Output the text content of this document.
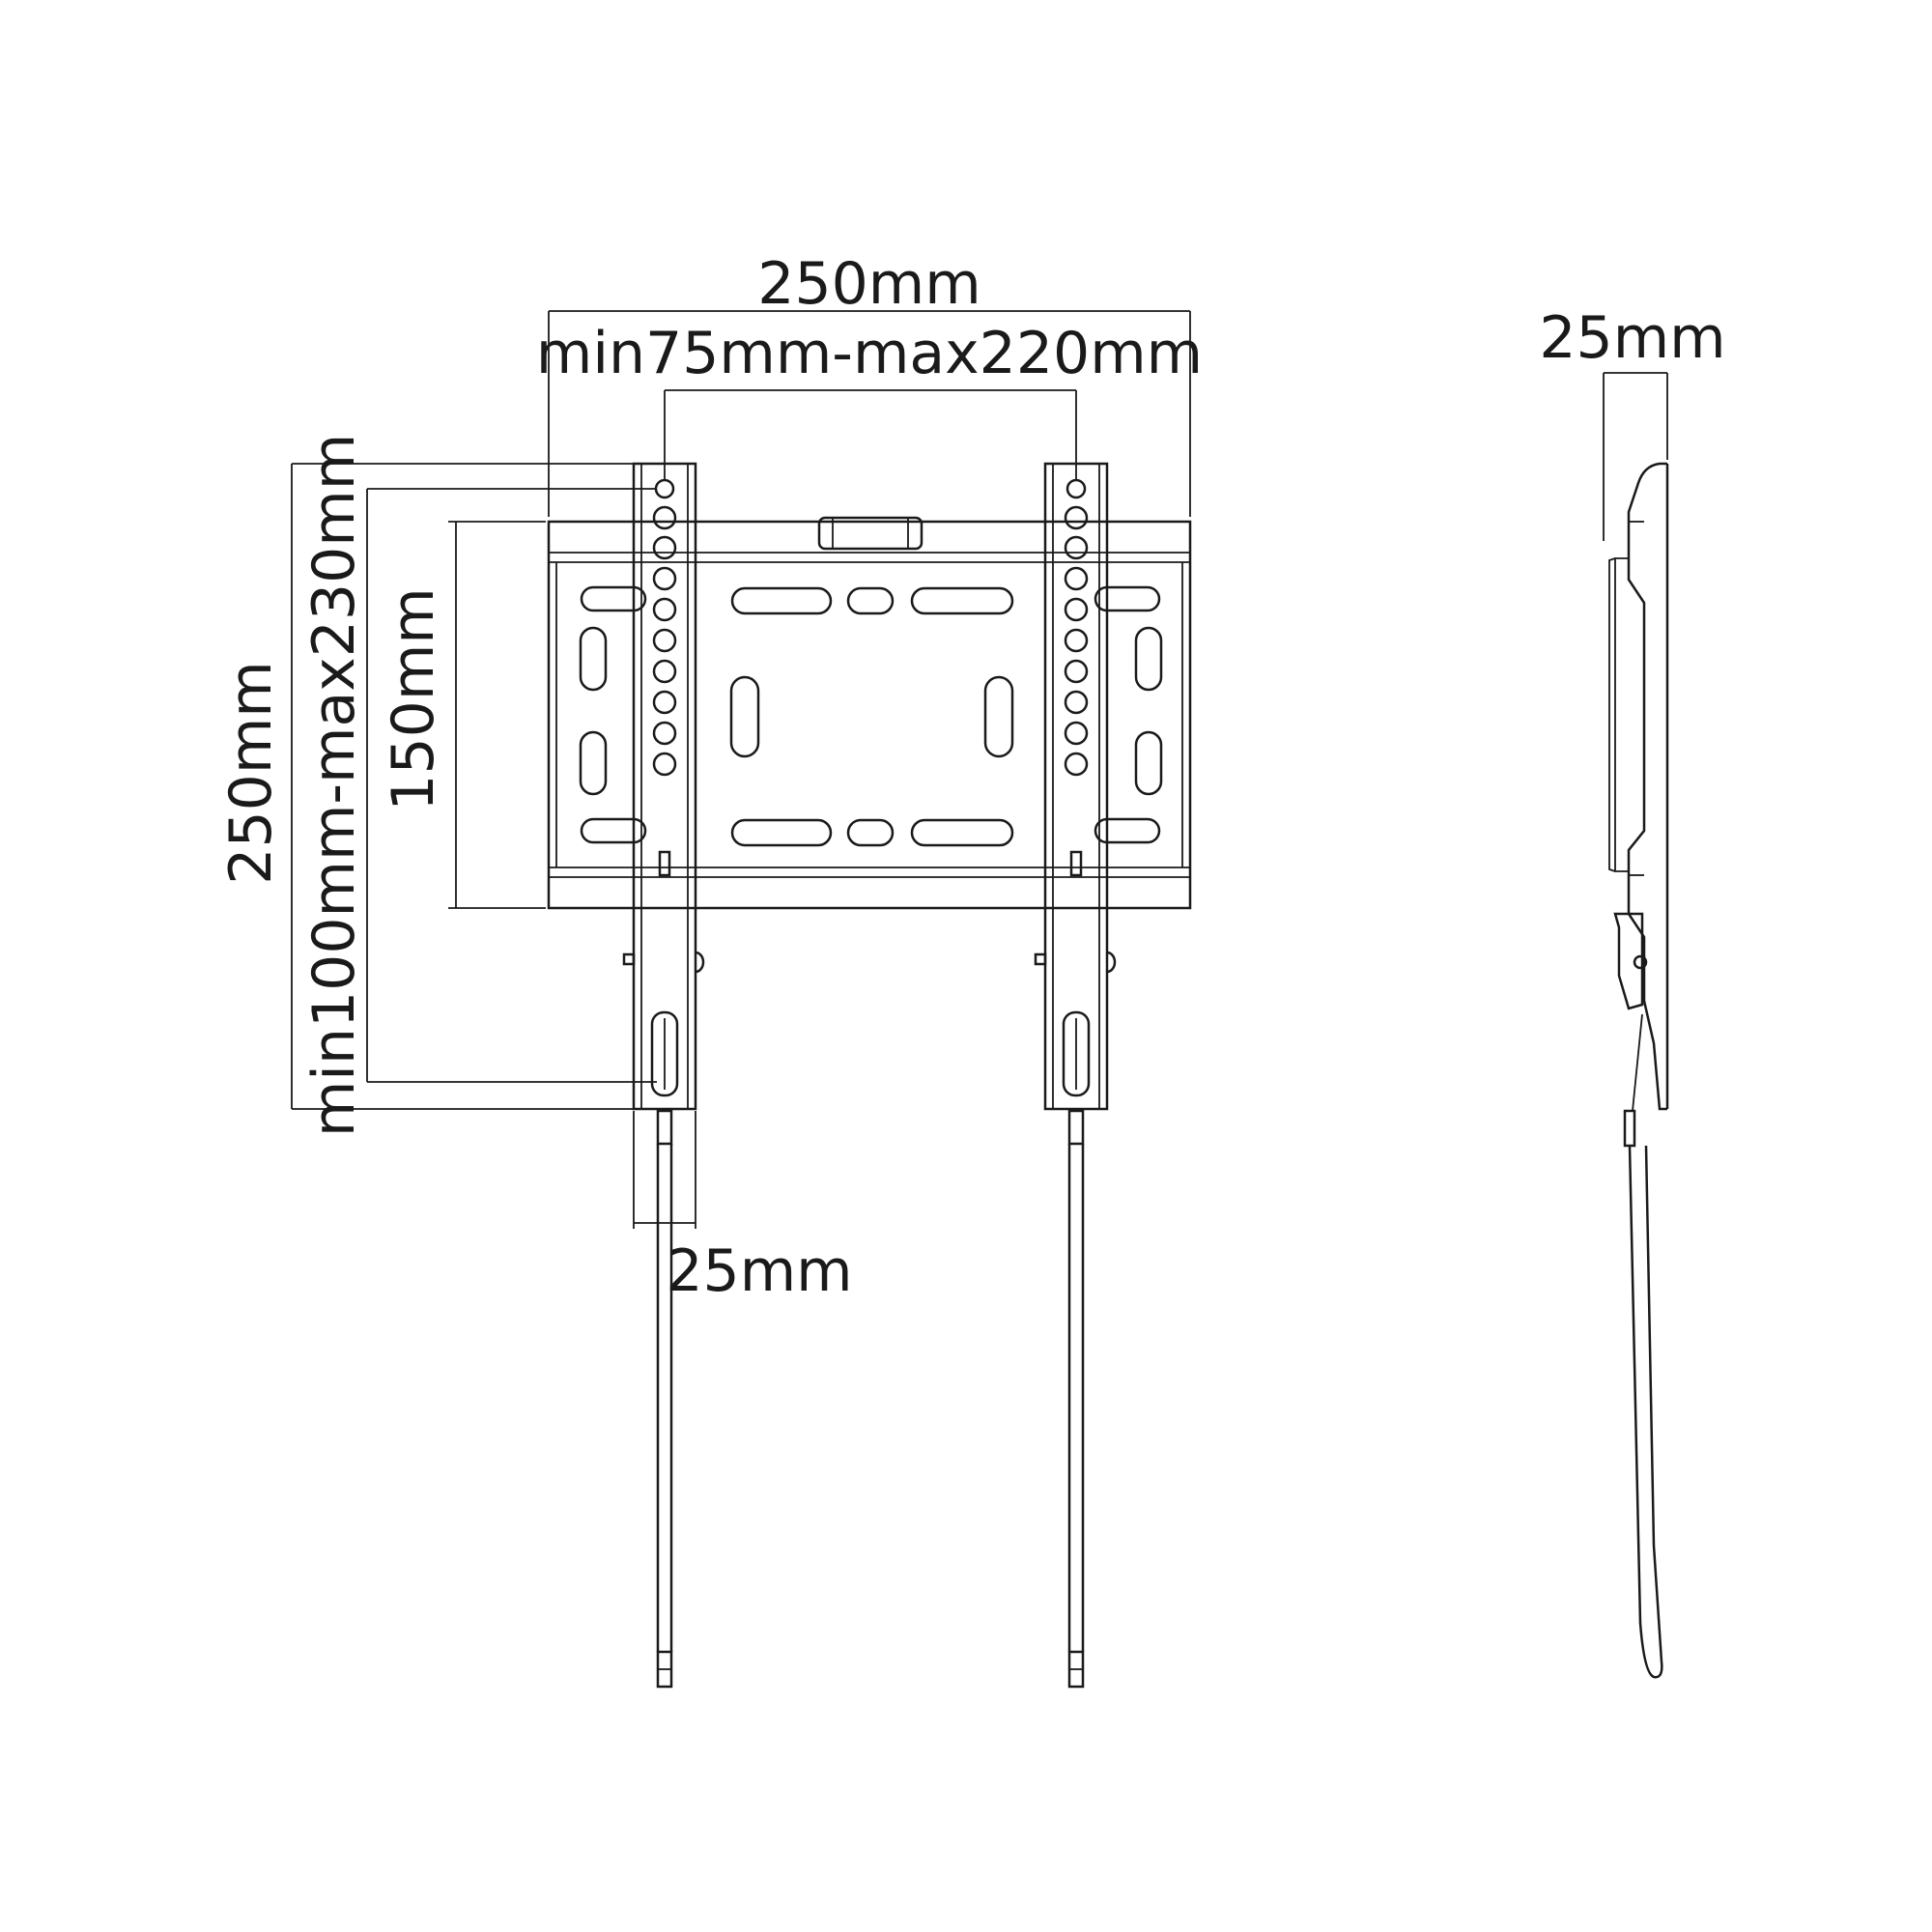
250mm
min75mm-max220mm
250mm min100mm-max230mm 150mm
25mm
25mm
